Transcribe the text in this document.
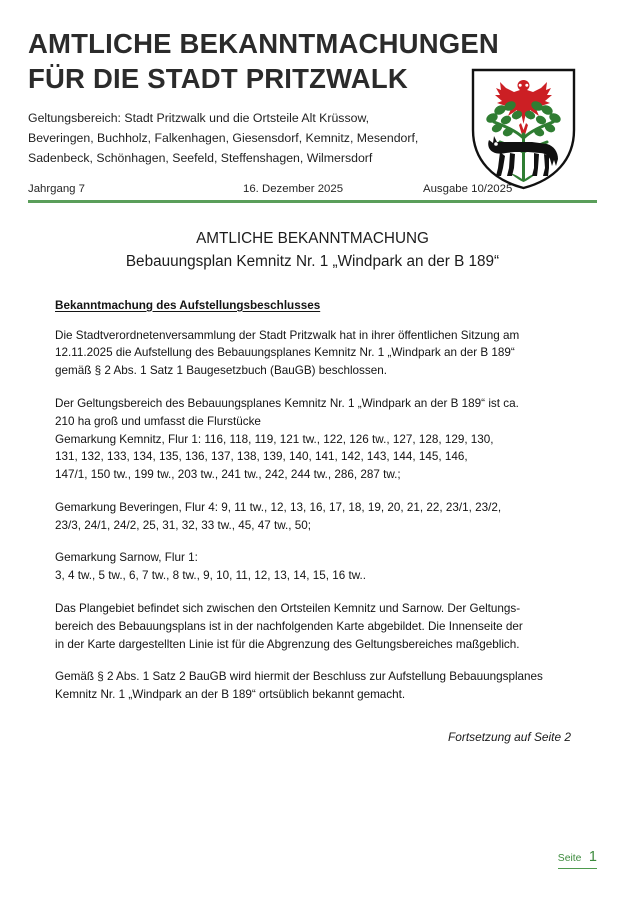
AMTLICHE BEKANNTMACHUNGEN
FÜR DIE STADT PRITZWALK
Geltungsbereich: Stadt Pritzwalk und die Ortsteile Alt Krüssow,
Beveringen, Buchholz, Falkenhagen, Giesensdorf, Kemnitz, Mesendorf,
Sadenbeck, Schönhagen, Seefeld, Steffenshagen, Wilmersdorf
Jahrgang 7	16. Dezember 2025	Ausgabe 10/2025
AMTLICHE BEKANNTMACHUNG
Bebauungsplan Kemnitz Nr. 1 „Windpark an der B 189“
Bekanntmachung des Aufstellungsbeschlusses

Die Stadtverordnetenversammlung der Stadt Pritzwalk hat in ihrer öffentlichen Sitzung am
12.11.2025 die Aufstellung des Bebauungsplanes Kemnitz Nr. 1 „Windpark an der B 189“
gemäß § 2 Abs. 1 Satz 1 Baugesetzbuch (BauGB) beschlossen.

Der Geltungsbereich des Bebauungsplanes Kemnitz Nr. 1 „Windpark an der B 189“ ist ca.
210 ha groß und umfasst die Flurstücke
Gemarkung Kemnitz, Flur 1: 116, 118, 119, 121 tw., 122, 126 tw., 127, 128, 129, 130,
131, 132, 133, 134, 135, 136, 137, 138, 139, 140, 141, 142, 143, 144, 145, 146,
147/1, 150 tw., 199 tw., 203 tw., 241 tw., 242, 244 tw., 286, 287 tw.;

Gemarkung Beveringen, Flur 4: 9, 11 tw., 12, 13, 16, 17, 18, 19, 20, 21, 22, 23/1, 23/2,
23/3, 24/1, 24/2, 25, 31, 32, 33 tw., 45, 47 tw., 50;

Gemarkung Sarnow, Flur 1:
3, 4 tw., 5 tw., 6, 7 tw., 8 tw., 9, 10, 11, 12, 13, 14, 15, 16 tw..

Das Plangebiet befindet sich zwischen den Ortsteilen Kemnitz und Sarnow. Der Geltungs-
bereich des Bebauungsplans ist in der nachfolgenden Karte abgebildet. Die Innenseite der
in der Karte dargestellten Linie ist für die Abgrenzung des Geltungsbereiches maßgeblich.

Gemäß § 2 Abs. 1 Satz 2 BauGB wird hiermit der Beschluss zur Aufstellung Bebauungsplanes
Kemnitz Nr. 1 „Windpark an der B 189“ ortsüblich bekannt gemacht.

Fortsetzung auf Seite 2
Seite 1
